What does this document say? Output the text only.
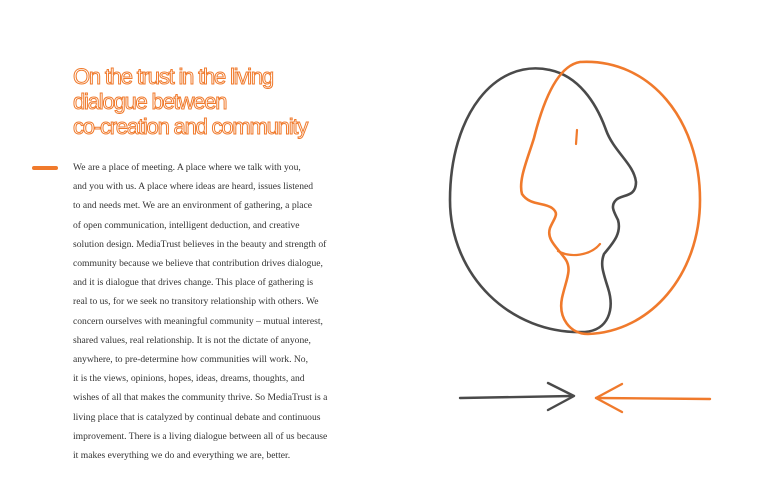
On the trust in the living
dialogue between
co-creation and community

We are a place of meeting. A place where we talk with you,
and you with us. A place where ideas are heard, issues listened
to and needs met. We are an environment of gathering, a place
of open communication, intelligent deduction, and creative
solution design. MediaTrust believes in the beauty and strength of
community because we believe that contribution drives dialogue,
and it is dialogue that drives change. This place of gathering is
real to us, for we seek no transitory relationship with others. We
concern ourselves with meaningful community – mutual interest,
shared values, real relationship. It is not the dictate of anyone,
anywhere, to pre-determine how communities will work. No,
it is the views, opinions, hopes, ideas, dreams, thoughts, and
wishes of all that makes the community thrive. So MediaTrust is a
living place that is catalyzed by continual debate and continuous
improvement. There is a living dialogue between all of us because
it makes everything we do and everything we are, better.
